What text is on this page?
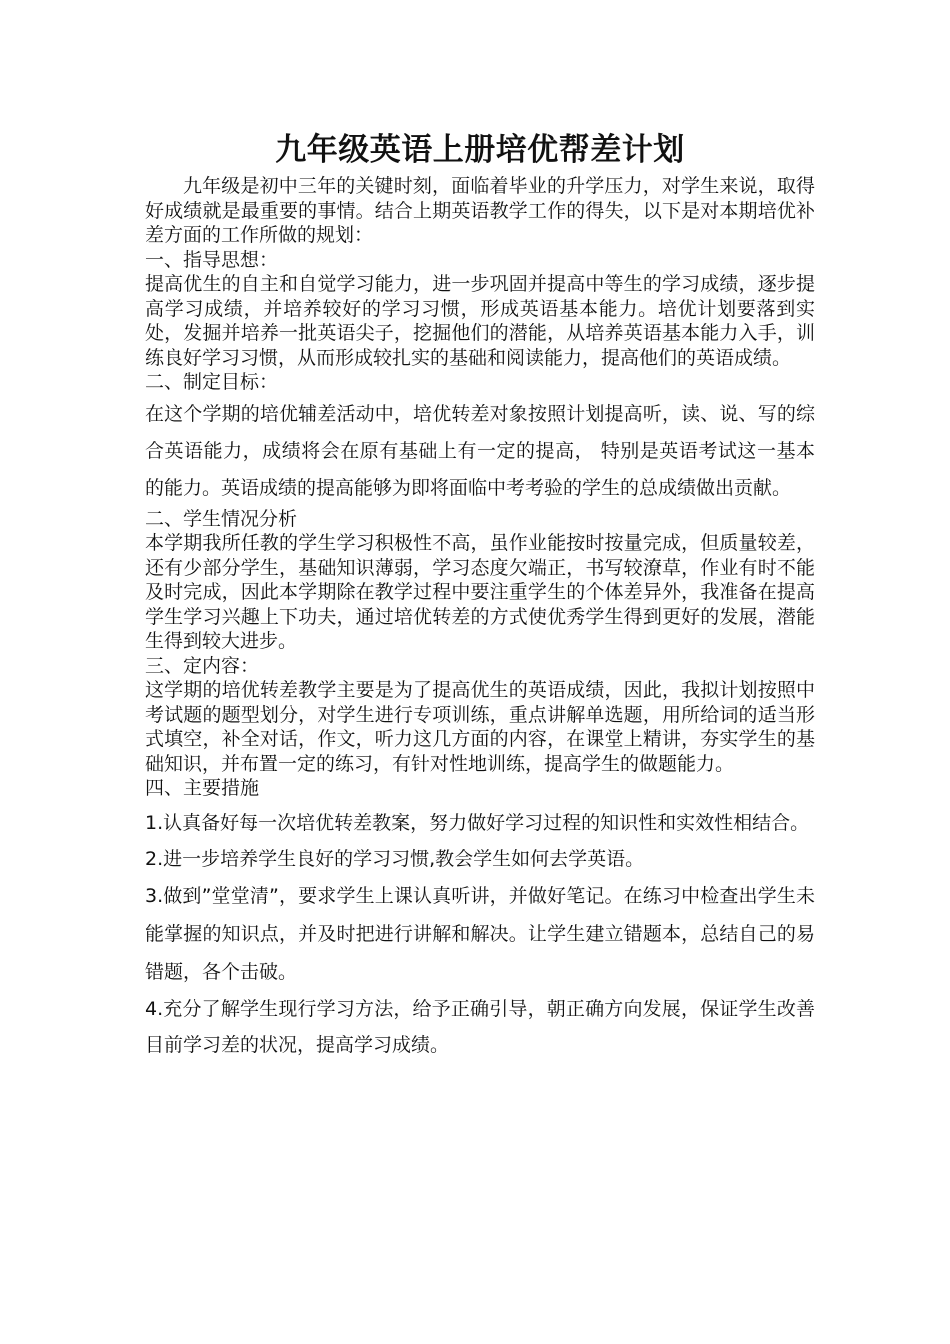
九年级英语上册培优帮差计划

九年级是初中三年的关键时刻，面临着毕业的升学压力，对学生来说，取得好成绩就是最重要的事情。结合上期英语教学工作的得失，以下是对本期培优补差方面的工作所做的规划：

一、指导思想：

提高优生的自主和自觉学习能力，进一步巩固并提高中等生的学习成绩，逐步提高学习成绩，并培养较好的学习习惯，形成英语基本能力。培优计划要落到实处，发掘并培养一批英语尖子，挖掘他们的潜能，从培养英语基本能力入手，训练良好学习习惯，从而形成较扎实的基础和阅读能力，提高他们的英语成绩。

二、制定目标：

在这个学期的培优辅差活动中，培优转差对象按照计划提高听，读、说、写的综合英语能力，成绩将会在原有基础上有一定的提高， 特别是英语考试这一基本的能力。英语成绩的提高能够为即将面临中考考验的学生的总成绩做出贡献。

二、学生情况分析

本学期我所任教的学生学习积极性不高，虽作业能按时按量完成，但质量较差，还有少部分学生，基础知识薄弱，学习态度欠端正，书写较潦草，作业有时不能及时完成，因此本学期除在教学过程中要注重学生的个体差异外，我准备在提高学生学习兴趣上下功夫，通过培优转差的方式使优秀学生得到更好的发展，潜能生得到较大进步。

三、定内容：

这学期的培优转差教学主要是为了提高优生的英语成绩，因此，我拟计划按照中考试题的题型划分，对学生进行专项训练，重点讲解单选题，用所给词的适当形式填空，补全对话，作文，听力这几方面的内容，在课堂上精讲，夯实学生的基础知识，并布置一定的练习，有针对性地训练，提高学生的做题能力。

四、主要措施

1.认真备好每一次培优转差教案，努力做好学习过程的知识性和实效性相结合。

2.进一步培养学生良好的学习习惯,教会学生如何去学英语。

3.做到”堂堂清”，要求学生上课认真听讲，并做好笔记。在练习中检查出学生未能掌握的知识点，并及时把进行讲解和解决。让学生建立错题本，总结自己的易错题，各个击破。

4.充分了解学生现行学习方法，给予正确引导，朝正确方向发展，保证学生改善目前学习差的状况，提高学习成绩。
